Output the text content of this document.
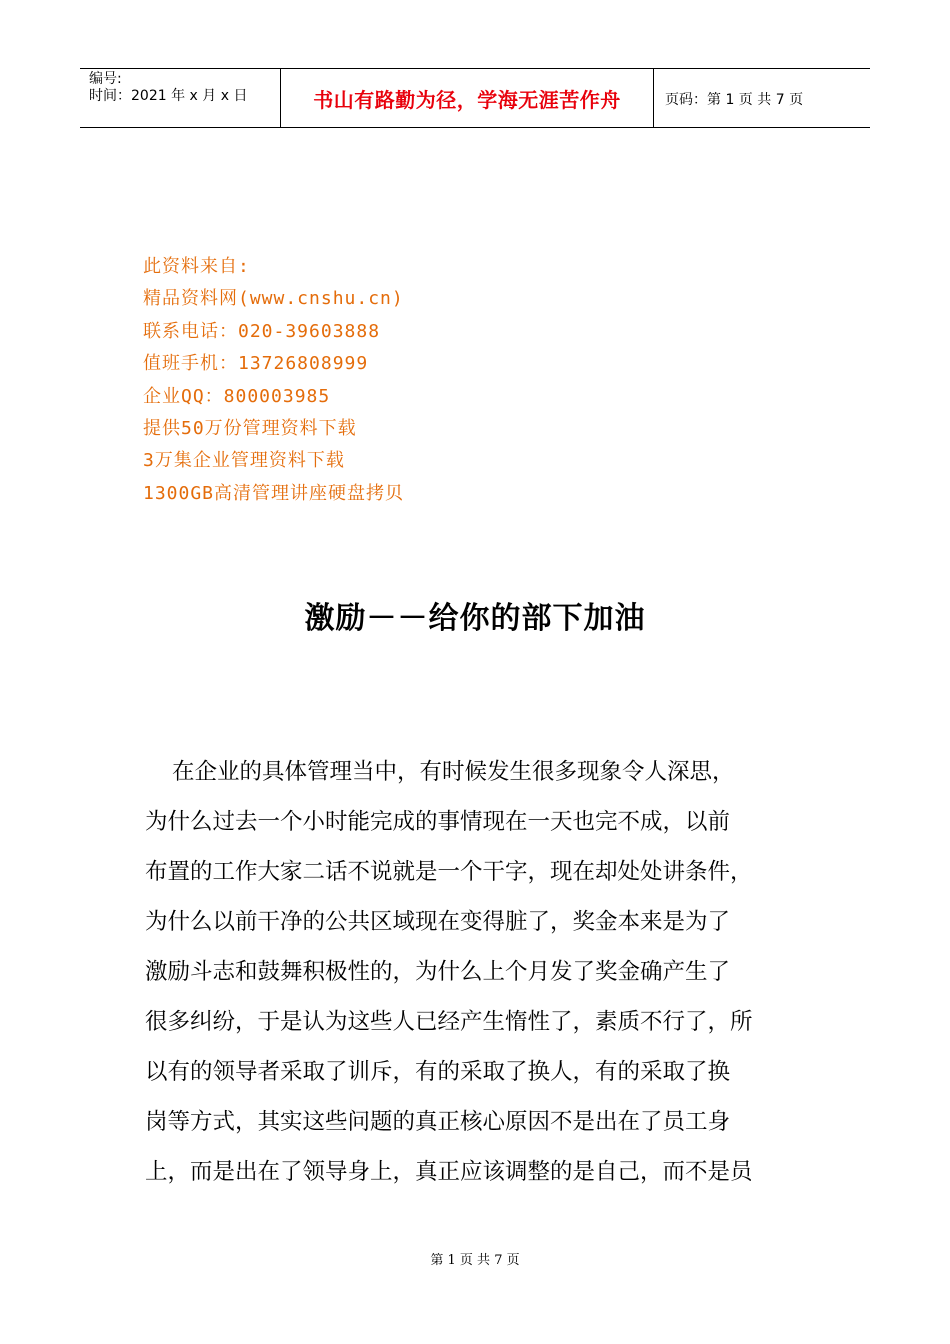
编号:
时间：2021 年 x 月 x 日	书山有路勤为径，学海无涯苦作舟	页码：第 1 页 共 7 页
此资料来自:
精品资料网(www.cnshu.cn)
联系电话：020-39603888
值班手机：13726808999
企业QQ：800003985
提供50万份管理资料下载
3万集企业管理资料下载
1300GB高清管理讲座硬盘拷贝
激励－－给你的部下加油
在企业的具体管理当中，有时候发生很多现象令人深思，
为什么过去一个小时能完成的事情现在一天也完不成，以前
布置的工作大家二话不说就是一个干字，现在却处处讲条件，
为什么以前干净的公共区域现在变得脏了，奖金本来是为了
激励斗志和鼓舞积极性的，为什么上个月发了奖金确产生了
很多纠纷，于是认为这些人已经产生惰性了，素质不行了，所
以有的领导者采取了训斥，有的采取了换人，有的采取了换
岗等方式，其实这些问题的真正核心原因不是出在了员工身
上，而是出在了领导身上，真正应该调整的是自己，而不是员
第 1 页 共 7 页
